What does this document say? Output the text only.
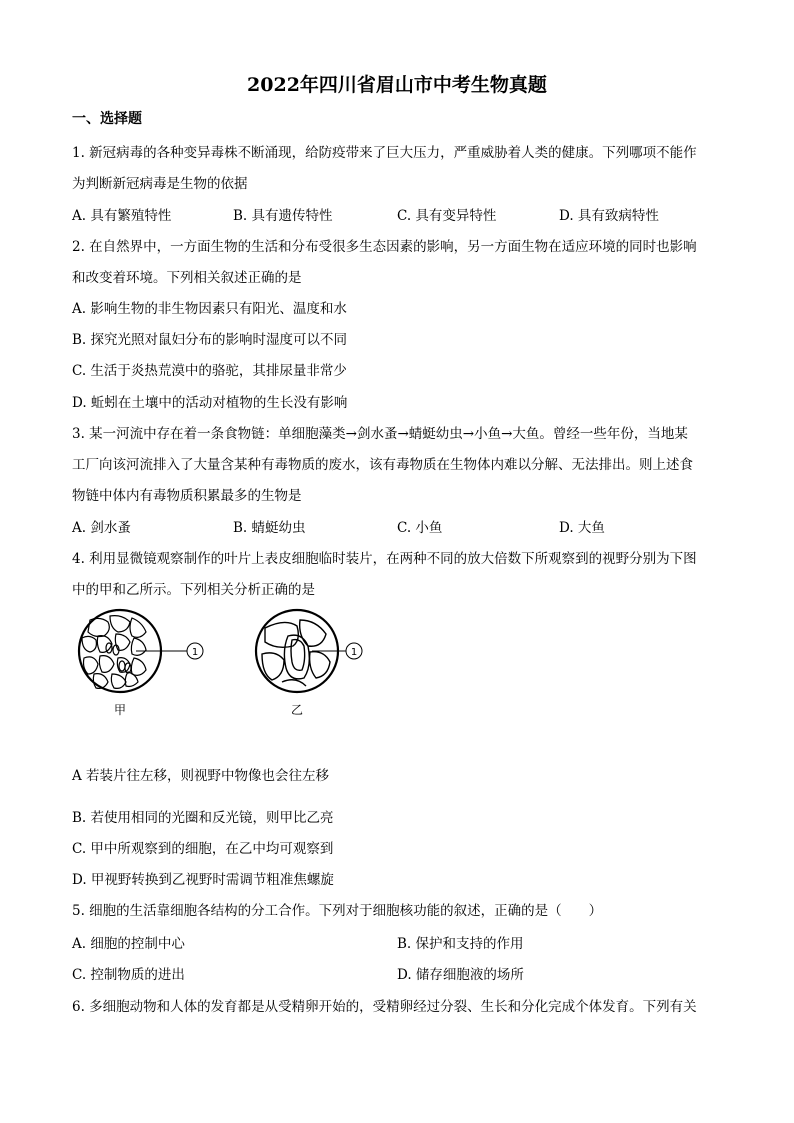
2022年四川省眉山市中考生物真题
一、选择题
1. 新冠病毒的各种变异毒株不断涌现，给防疫带来了巨大压力，严重威胁着人类的健康。下列哪项不能作
为判断新冠病毒是生物的依据
A. 具有繁殖特性	B. 具有遗传特性	C. 具有变异特性	D. 具有致病特性
2. 在自然界中，一方面生物的生活和分布受很多生态因素的影响，另一方面生物在适应环境的同时也影响
和改变着环境。下列相关叙述正确的是
A. 影响生物的非生物因素只有阳光、温度和水
B. 探究光照对鼠妇分布的影响时湿度可以不同
C. 生活于炎热荒漠中的骆驼，其排尿量非常少
D. 蚯蚓在土壤中的活动对植物的生长没有影响
3. 某一河流中存在着一条食物链：单细胞藻类→剑水蚤→蜻蜓幼虫→小鱼→大鱼。曾经一些年份，当地某
工厂向该河流排入了大量含某种有毒物质的废水，该有毒物质在生物体内难以分解、无法排出。则上述食
物链中体内有毒物质积累最多的生物是
A. 剑水蚤	B. 蜻蜓幼虫	C. 小鱼	D. 大鱼
4. 利用显微镜观察制作的叶片上表皮细胞临时装片，在两种不同的放大倍数下所观察到的视野分别为下图
中的甲和乙所示。下列相关分析正确的是
1
甲
1
乙
A 若装片往左移，则视野中物像也会往左移
B. 若使用相同的光圈和反光镜，则甲比乙亮
C. 甲中所观察到的细胞，在乙中均可观察到
D. 甲视野转换到乙视野时需调节粗准焦螺旋
5. 细胞的生活靠细胞各结构的分工合作。下列对于细胞核功能的叙述，正确的是（　　）
A. 细胞的控制中心	B. 保护和支持的作用
C. 控制物质的进出	D. 储存细胞液的场所
6. 多细胞动物和人体的发育都是从受精卵开始的，受精卵经过分裂、生长和分化完成个体发育。下列有关
